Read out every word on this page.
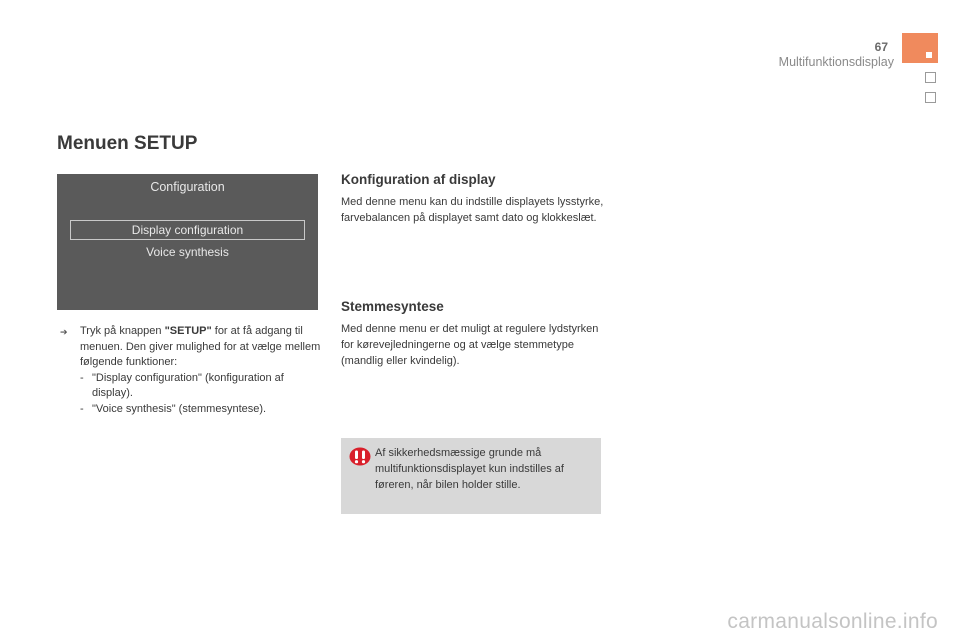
67
Multifunktionsdisplay
Menuen SETUP
Configuration
Display configuration
Voice synthesis
➔	Tryk på knappen "SETUP" for at få adgang til menuen. Den giver mulighed for at vælge mellem følgende funktioner:
- "Display configuration" (konfiguration af display).
- "Voice synthesis" (stemmesyntese).
Konfiguration af display
Med denne menu kan du indstille displayets lysstyrke, farvebalancen på displayet samt dato og klokkeslæt.
Stemmesyntese
Med denne menu er det muligt at regulere lydstyrken for kørevejledningerne og at vælge stemmetype (mandlig eller kvindelig).
Af sikkerhedsmæssige grunde må multifunktionsdisplayet kun indstilles af føreren, når bilen holder stille.
carmanualsonline.info
